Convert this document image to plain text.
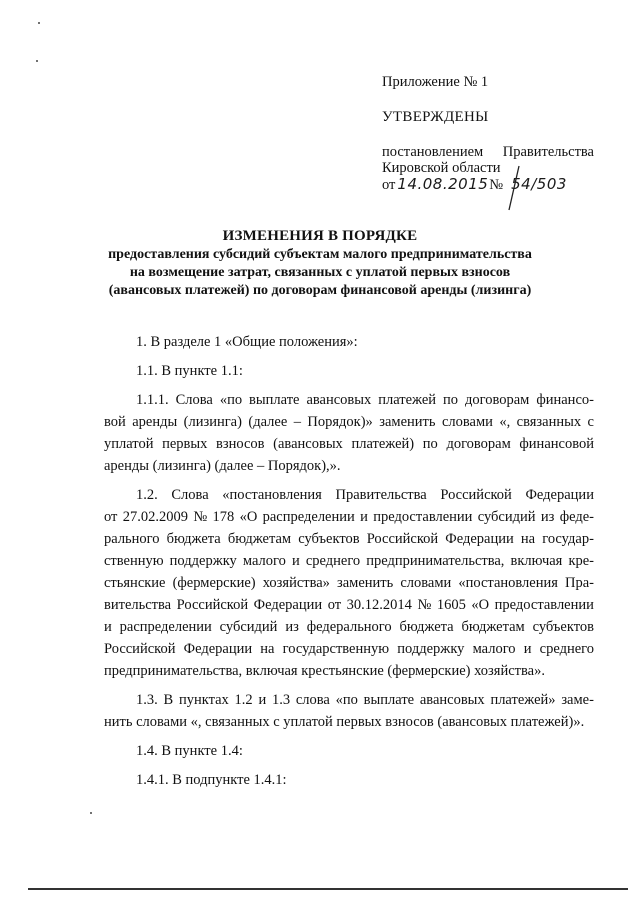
Приложение № 1
УТВЕРЖДЕНЫ
постановлением Правительства
Кировской области
от 14.08.2015 № 54/503
ИЗМЕНЕНИЯ В ПОРЯДКЕ
предоставления субсидий субъектам малого предпринимательства
на возмещение затрат, связанных с уплатой первых взносов
(авансовых платежей) по договорам финансовой аренды (лизинга)
1. В разделе 1 «Общие положения»:
1.1. В пункте 1.1:
1.1.1. Слова «по выплате авансовых платежей по договорам финансо-
вой аренды (лизинга) (далее – Порядок)» заменить словами «, связанных с
уплатой первых взносов (авансовых платежей) по договорам финансовой
аренды (лизинга) (далее – Порядок),».
1.2. Слова «постановления Правительства Российской Федерации
от 27.02.2009 № 178 «О распределении и предоставлении субсидий из феде-
рального бюджета бюджетам субъектов Российской Федерации на государ-
ственную поддержку малого и среднего предпринимательства, включая кре-
стьянские (фермерские) хозяйства» заменить словами «постановления Пра-
вительства Российской Федерации от 30.12.2014 № 1605 «О предоставлении
и распределении субсидий из федерального бюджета бюджетам субъектов
Российской Федерации на государственную поддержку малого и среднего
предпринимательства, включая крестьянские (фермерские) хозяйства».
1.3. В пунктах 1.2 и 1.3 слова «по выплате авансовых платежей» заме-
нить словами «, связанных с уплатой первых взносов (авансовых платежей)».
1.4. В пункте 1.4:
1.4.1. В подпункте 1.4.1:
